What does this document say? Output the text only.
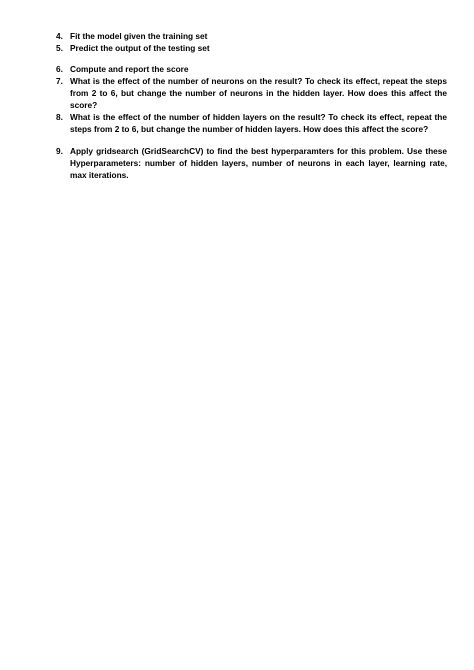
4. Fit the model given the training set
5. Predict the output of the testing set
6. Compute and report the score
7. What is the effect of the number of neurons on the result? To check its effect, repeat the steps from 2 to 6, but change the number of neurons in the hidden layer. How does this affect the score?
8. What is the effect of the number of hidden layers on the result? To check its effect, repeat the steps from 2 to 6, but change the number of hidden layers. How does this affect the score?
9. Apply gridsearch (GridSearchCV) to find the best hyperparamters for this problem. Use these Hyperparameters: number of hidden layers, number of neurons in each layer, learning rate, max iterations.
